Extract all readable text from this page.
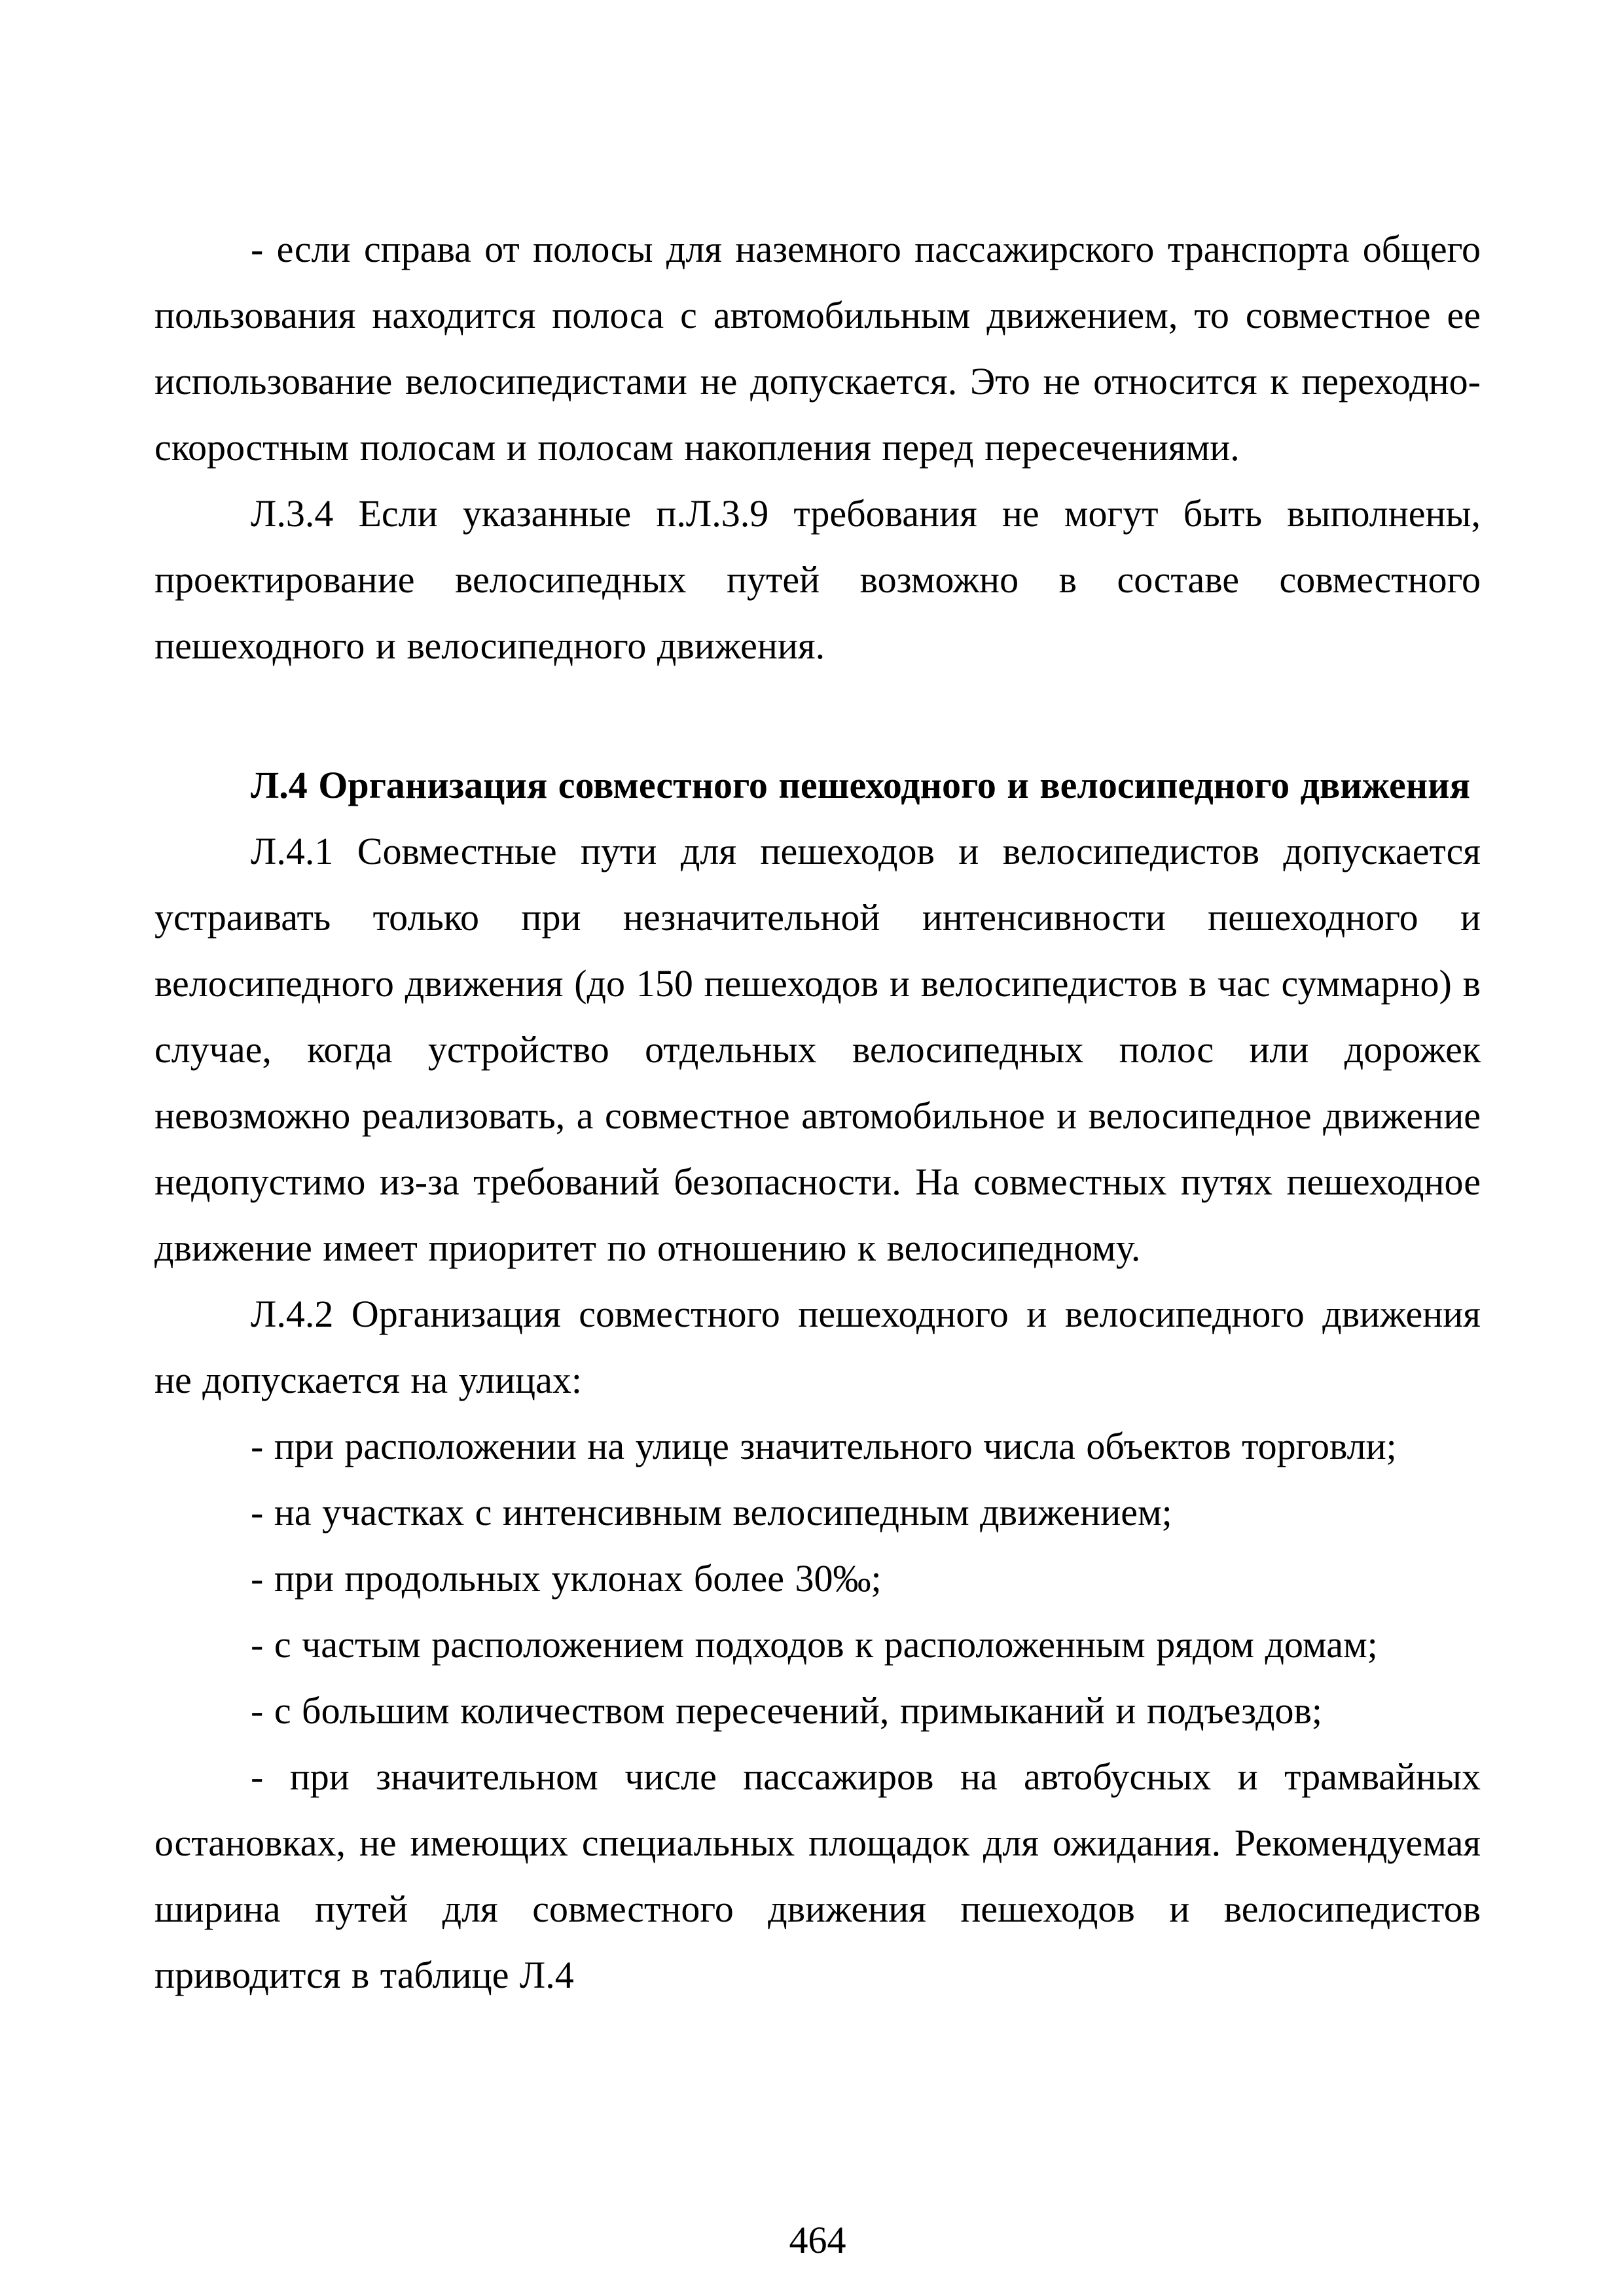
- если справа от полосы для наземного пассажирского транспорта общего пользования находится полоса с автомобильным движением, то совместное ее использование велосипедистами не допускается. Это не относится к переходно-скоростным полосам и полосам накопления перед пересечениями.

Л.3.4 Если указанные п.Л.3.9 требования не могут быть выполнены, проектирование велосипедных путей возможно в составе совместного пешеходного и велосипедного движения.

Л.4 Организация совместного пешеходного и велосипедного движения

Л.4.1 Совместные пути для пешеходов и велосипедистов допускается устраивать только при незначительной интенсивности пешеходного и велосипедного движения (до 150 пешеходов и велосипедистов в час суммарно) в случае, когда устройство отдельных велосипедных полос или дорожек невозможно реализовать, а совместное автомобильное и велосипедное движение недопустимо из-за требований безопасности. На совместных путях пешеходное движение имеет приоритет по отношению к велосипедному.

Л.4.2 Организация совместного пешеходного и велосипедного движения не допускается на улицах:

- при расположении на улице значительного числа объектов торговли;

- на участках с интенсивным велосипедным движением;

- при продольных уклонах более 30‰;

- с частым расположением подходов к расположенным рядом домам;

- с большим количеством пересечений, примыканий и подъездов;

- при значительном числе пассажиров на автобусных и трамвайных остановках, не имеющих специальных площадок для ожидания. Рекомендуемая ширина путей для совместного движения пешеходов и велосипедистов приводится в таблице Л.4

464
